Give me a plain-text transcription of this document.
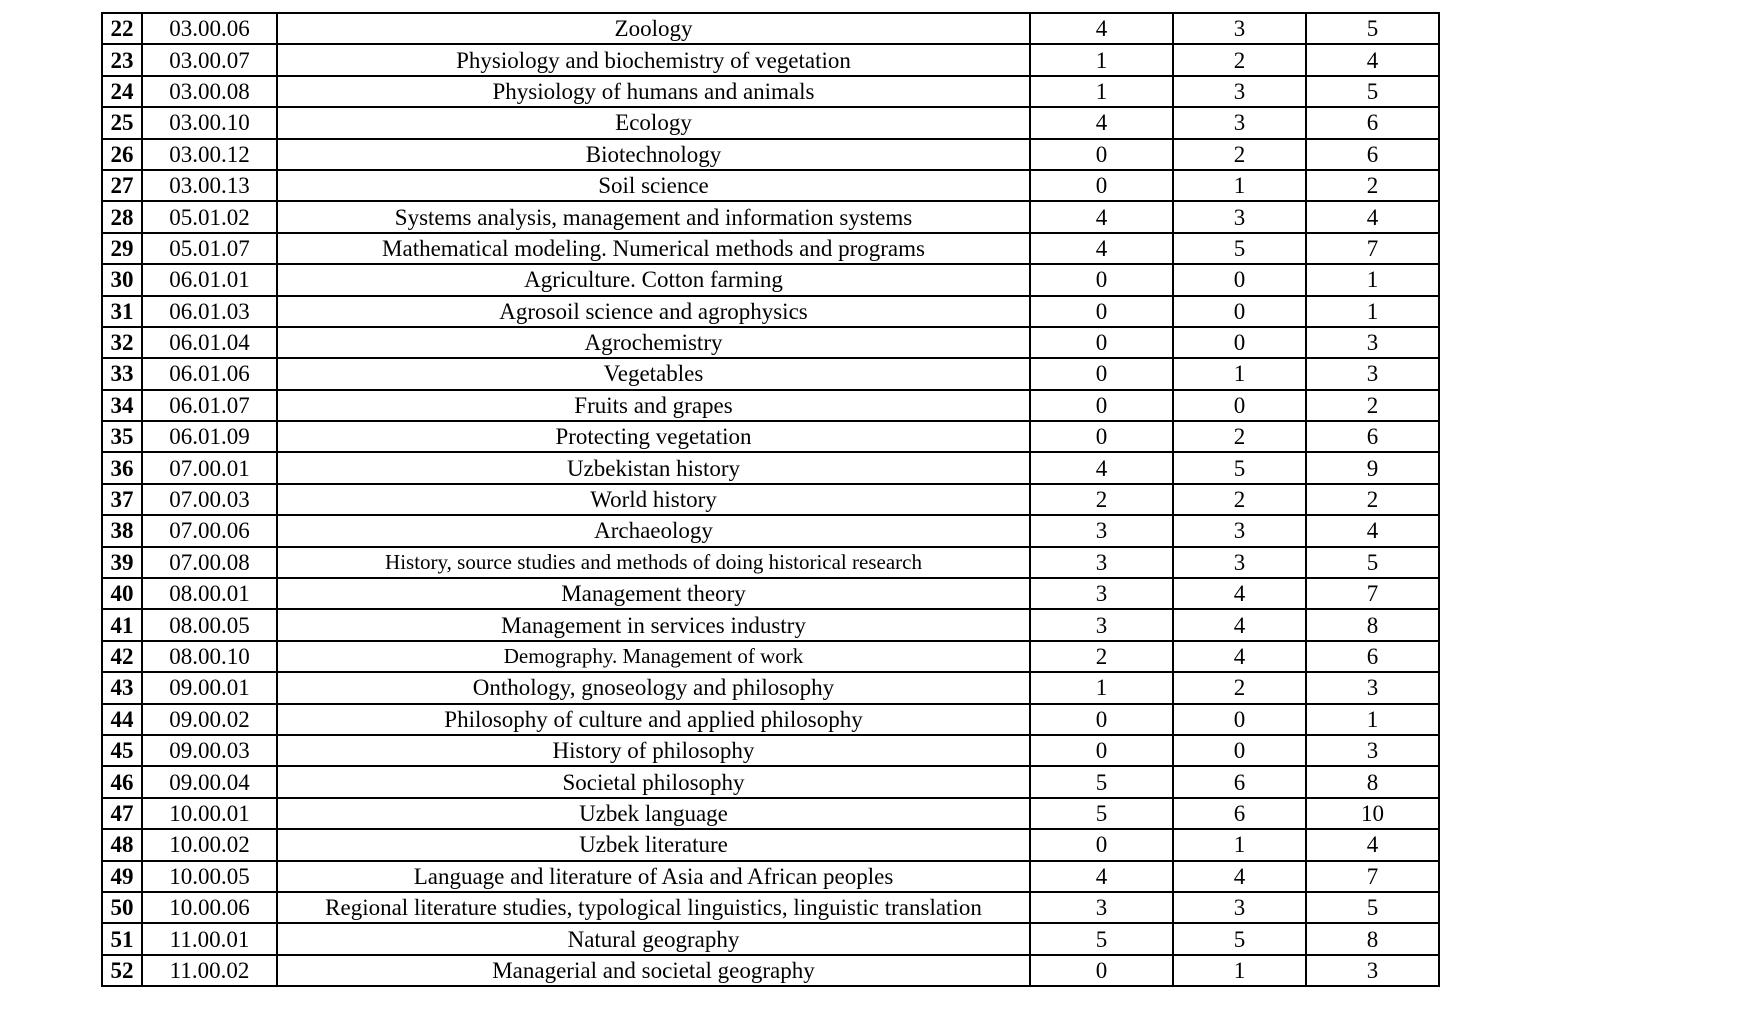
22	03.00.06	Zoology	4	3	5
23	03.00.07	Physiology and biochemistry of vegetation	1	2	4
24	03.00.08	Physiology of humans and animals	1	3	5
25	03.00.10	Ecology	4	3	6
26	03.00.12	Biotechnology	0	2	6
27	03.00.13	Soil science	0	1	2
28	05.01.02	Systems analysis, management and information systems	4	3	4
29	05.01.07	Mathematical modeling. Numerical methods and programs	4	5	7
30	06.01.01	Agriculture. Cotton farming	0	0	1
31	06.01.03	Agrosoil science and agrophysics	0	0	1
32	06.01.04	Agrochemistry	0	0	3
33	06.01.06	Vegetables	0	1	3
34	06.01.07	Fruits and grapes	0	0	2
35	06.01.09	Protecting vegetation	0	2	6
36	07.00.01	Uzbekistan history	4	5	9
37	07.00.03	World history	2	2	2
38	07.00.06	Archaeology	3	3	4
39	07.00.08	History, source studies and methods of doing historical research	3	3	5
40	08.00.01	Management theory	3	4	7
41	08.00.05	Management in services industry	3	4	8
42	08.00.10	Demography. Management of work	2	4	6
43	09.00.01	Onthology, gnoseology and philosophy	1	2	3
44	09.00.02	Philosophy of culture and applied philosophy	0	0	1
45	09.00.03	History of philosophy	0	0	3
46	09.00.04	Societal philosophy	5	6	8
47	10.00.01	Uzbek language	5	6	10
48	10.00.02	Uzbek literature	0	1	4
49	10.00.05	Language and literature of Asia and African peoples	4	4	7
50	10.00.06	Regional literature studies, typological linguistics, linguistic translation	3	3	5
51	11.00.01	Natural geography	5	5	8
52	11.00.02	Managerial and societal geography	0	1	3
